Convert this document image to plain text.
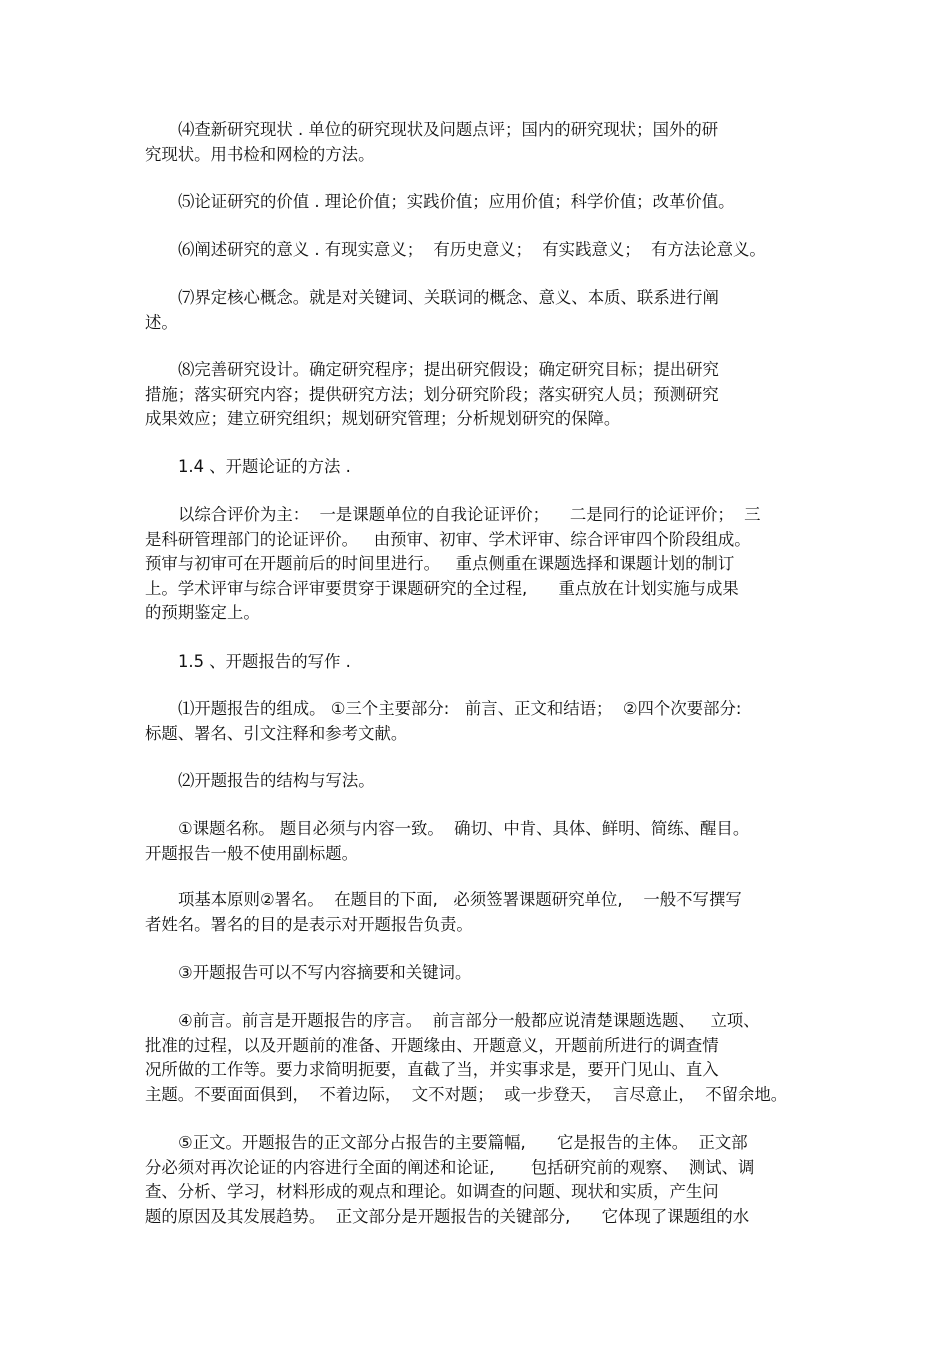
⑷查新研究现状 . 单位的研究现状及问题点评；国内的研究现状；国外的研
究现状。用书检和网检的方法。
⑸论证研究的价值 . 理论价值；实践价值；应用价值；科学价值；改革价值。
⑹阐述研究的意义 . 有现实意义；  有历史意义；  有实践意义；  有方法论意义。
⑺界定核心概念。就是对关键词、关联词的概念、意义、本质、联系进行阐
述。
⑻完善研究设计。确定研究程序；提出研究假设；确定研究目标；提出研究
措施；落实研究内容；提供研究方法；划分研究阶段；落实研究人员；预测研究
成果效应；建立研究组织；规划研究管理；分析规划研究的保障。
1.4 、开题论证的方法 .
以综合评价为主：  一是课题单位的自我论证评价；    二是同行的论证评价；  三
是科研管理部门的论证评价。   由预审、初审、学术评审、综合评审四个阶段组成。
预审与初审可在开题前后的时间里进行。   重点侧重在课题选择和课题计划的制订
上。学术评审与综合评审要贯穿于课题研究的全过程,      重点放在计划实施与成果
的预期鉴定上。
1.5 、开题报告的写作 .
⑴开题报告的组成。 ①三个主要部分:   前言、正文和结语；  ②四个次要部分:
标题、署名、引文注释和参考文献。
⑵开题报告的结构与写法。
①课题名称。 题目必须与内容一致。  确切、中肯、具体、鲜明、简练、醒目。
开题报告一般不使用副标题。
项基本原则②署名。  在题目的下面,   必须签署课题研究单位,    一般不写撰写
者姓名。署名的目的是表示对开题报告负责。
③开题报告可以不写内容摘要和关键词。
④前言。前言是开题报告的序言。  前言部分一般都应说清楚课题选题、   立项、
批准的过程，以及开题前的准备、开题缘由、开题意义，开题前所进行的调查情
况所做的工作等。要力求简明扼要，直截了当，并实事求是，要开门见山、直入
主题。不要面面俱到，  不着边际，  文不对题；  或一步登天，  言尽意止，  不留余地。
⑤正文。开题报告的正文部分占报告的主要篇幅,      它是报告的主体。  正文部
分必须对再次论证的内容进行全面的阐述和论证,       包括研究前的观察、  测试、调
查、分析、学习，材料形成的观点和理论。如调查的问题、现状和实质，产生问
题的原因及其发展趋势。  正文部分是开题报告的关键部分,      它体现了课题组的水
